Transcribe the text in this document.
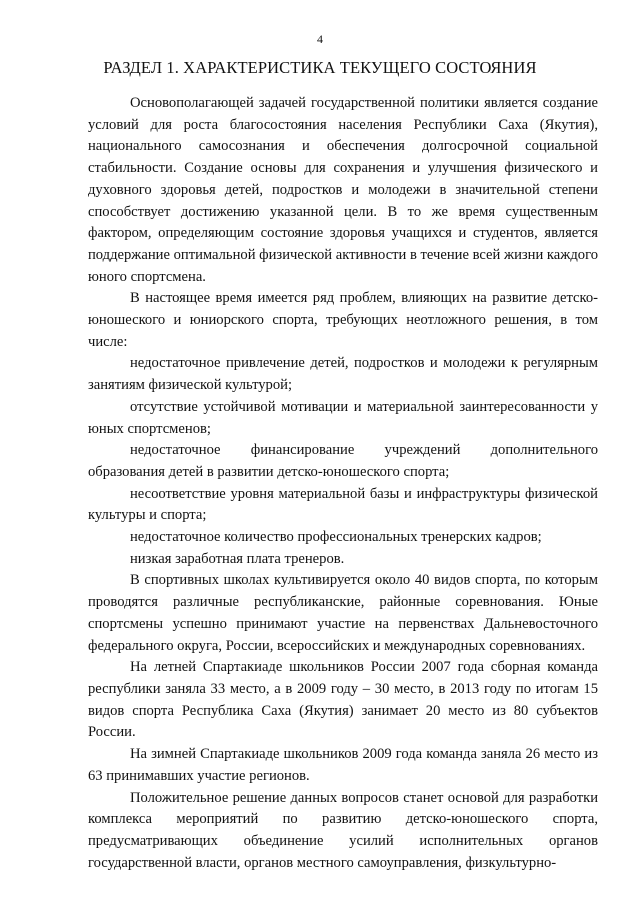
4
РАЗДЕЛ 1. ХАРАКТЕРИСТИКА ТЕКУЩЕГО СОСТОЯНИЯ

Основополагающей задачей государственной политики является создание условий для роста благосостояния населения Республики Саха (Якутия), национального самосознания и обеспечения долгосрочной социальной стабильности. Создание основы для сохранения и улучшения физического и духовного здоровья детей, подростков и молодежи в значительной степени способствует достижению указанной цели. В то же время существенным фактором, определяющим состояние здоровья учащихся и студентов, является поддержание оптимальной физической активности в течение всей жизни каждого юного спортсмена.

В настоящее время имеется ряд проблем, влияющих на развитие детско-юношеского и юниорского спорта, требующих неотложного решения, в том числе:

недостаточное привлечение детей, подростков и молодежи к регулярным занятиям физической культурой;

отсутствие устойчивой мотивации и материальной заинтересованности у юных спортсменов;

недостаточное финансирование учреждений дополнительного образования детей в развитии детско-юношеского спорта;

несоответствие уровня материальной базы и инфраструктуры физической культуры и спорта;

недостаточное количество профессиональных тренерских кадров;

низкая заработная плата тренеров.

В спортивных школах культивируется около 40 видов спорта, по которым проводятся различные республиканские, районные соревнования. Юные спортсмены успешно принимают участие на первенствах Дальневосточного федерального округа, России, всероссийских и международных соревнованиях.

На летней Спартакиаде школьников России 2007 года сборная команда республики заняла 33 место, а в 2009 году – 30 место, в 2013 году по итогам 15 видов спорта Республика Саха (Якутия) занимает 20 место из 80 субъектов России.

На зимней Спартакиаде школьников 2009 года команда заняла 26 место из 63 принимавших участие регионов.

Положительное решение данных вопросов станет основой для разработки комплекса мероприятий по развитию детско-юношеского спорта, предусматривающих объединение усилий исполнительных органов государственной власти, органов местного самоуправления, физкультурно-
